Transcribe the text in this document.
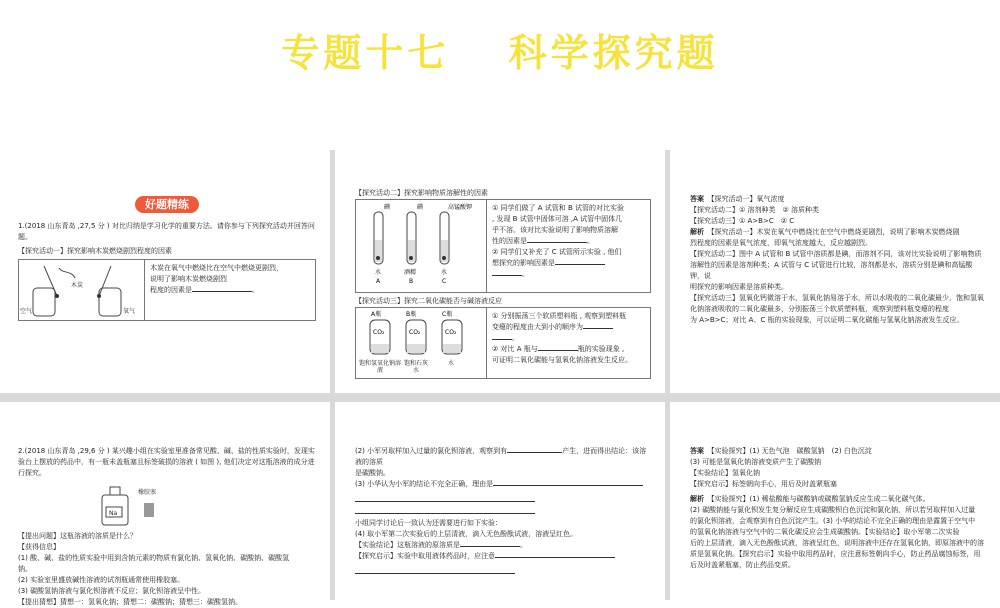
专题十七　 科学探究题
好题精练

1.(2018 山东青岛 ,27,5 分 ) 对比归纳是学习化学的重要方法。请你参与下列探究活动并回答问题。

【探究活动一】探究影响木炭燃烧剧烈程度的因素

空气
木炭
氧气

木炭在氧气中燃烧比在空气中燃烧更剧烈，

说明了影响木炭燃烧剧烈

程度的因素是	。

【探究活动二】探究影响物质溶解性的因素

碘	碘	高锰酸钾
水	酒精	水
A	B	C

① 同学们做了 A 试管和 B 试管的对比实验

, 发现 B 试管中固体可溶 ,A 试管中固体几

乎不溶。该对比实验说明了影响物质溶解

性的因素是	。

② 同学们又补充了 C 试管所示实验 , 他们

想探究的影响因素是

。

【探究活动三】探究二氧化碳能否与碱溶液反应

A瓶	B瓶	C瓶
CO₂	CO₂	CO₂
饱和氢氧化钠溶液
饱和石灰水
水

① 分别振荡三个软质塑料瓶 , 观察到塑料瓶

变瘪的程度由大到小的顺序为

。

② 对比 A 瓶与	瓶的实验现象 ,

可证明二氧化碳能与氢氧化钠溶液发生反应。

答案　 【探究活动一】氧气浓度

【探究活动二】① 溶剂种类　② 溶质种类

【探究活动三】① A>B>C　② C

解析　 【探究活动一】木炭在氧气中燃烧比在空气中燃烧更剧烈，说明了影响木炭燃烧剧

烈程度的因素是氧气浓度，即氧气浓度越大，反应越剧烈。

【探究活动二】图中 A 试管和 B 试管中溶质都是碘，而溶剂不同，该对比实验说明了影响物质

溶解性的因素是溶剂种类；A 试管与 C 试管进行比较，溶剂都是水，溶质分别是碘和高锰酸钾，说

明探究的影响因素是溶质种类。

【探究活动三】氢氧化钙微溶于水，氢氧化钠易溶于水，所以水吸收的二氧化碳最少，饱和氢氧

化钠溶液吸收的二氧化碳最多，分别振荡三个软质塑料瓶，观察到塑料瓶变瘪的程度

为 A>B>C；对比 A、C 瓶的实验现象，可以证明二氧化碳能与氢氧化钠溶液发生反应。

2.(2018 山东青岛 ,29,6 分 ) 某兴趣小组在实验室里准备常见酸、碱、盐的性质实验时，发现实验台上摆放的药品中，有一瓶未盖瓶塞且标签破损的溶液 ( 如图 ), 他们决定对这瓶溶液的成分进行探究。

Na
橡胶塞

【提出问题】这瓶溶液的溶质是什么？

【获得信息】

(1) 酸、碱、盐的性质实验中用到含钠元素的物质有氯化钠、氢氧化钠、碳酸钠、碳酸氢

钠。

(2) 实验室里盛放碱性溶液的试剂瓶通常使用橡胶塞。

(3) 碳酸氢钠溶液与氯化钡溶液不反应；氯化钡溶液呈中性。

【提出猜想】猜想一：氢氧化钠；猜想二：碳酸钠；猜想三：碳酸氢钠。

(2) 小军另取样加入过量的氯化钡溶液，观察到有	产生，进而得出结论：该溶液的溶质

是碳酸钠。

(3) 小华认为小军的结论不完全正确，理由是

小组同学讨论后一致认为还需要进行如下实验：

(4) 取小军第二次实验后的上层清液，滴入无色酚酞试液，溶液呈红色。

【实验结论】这瓶溶液的原溶质是	。

【探究启示】实验中取用液体药品时，应注意

答案　 【实验探究】(1) 无色气泡　碳酸氢钠　(2) 白色沉淀

(3) 可能是氢氧化钠溶液变质产生了碳酸钠

【实验结论】氢氧化钠

【探究启示】标签朝向手心，用后及时盖紧瓶塞

解析　 【实验探究】(1) 稀盐酸能与碳酸钠或碳酸氢钠反应生成二氧化碳气体。

(2) 碳酸钠能与氯化钡发生复分解反应生成碳酸钡白色沉淀和氯化钠，所以若另取样加入过量

的氯化钡溶液，会观察到有白色沉淀产生。(3) 小华的结论不完全正确的理由是露置于空气中

的氢氧化钠溶液与空气中的二氧化碳反应会生成碳酸钠。【实验结论】取小军第二次实验

后的上层清液，滴入无色酚酞试液，溶液呈红色，说明溶液中还存在氢氧化钠，即原溶液中的溶

质是氢氧化钠。【探究启示】实验中取用药品时，应注意标签朝向手心，防止药品腐蚀标签，用

后及时盖紧瓶塞，防止药品变质。
